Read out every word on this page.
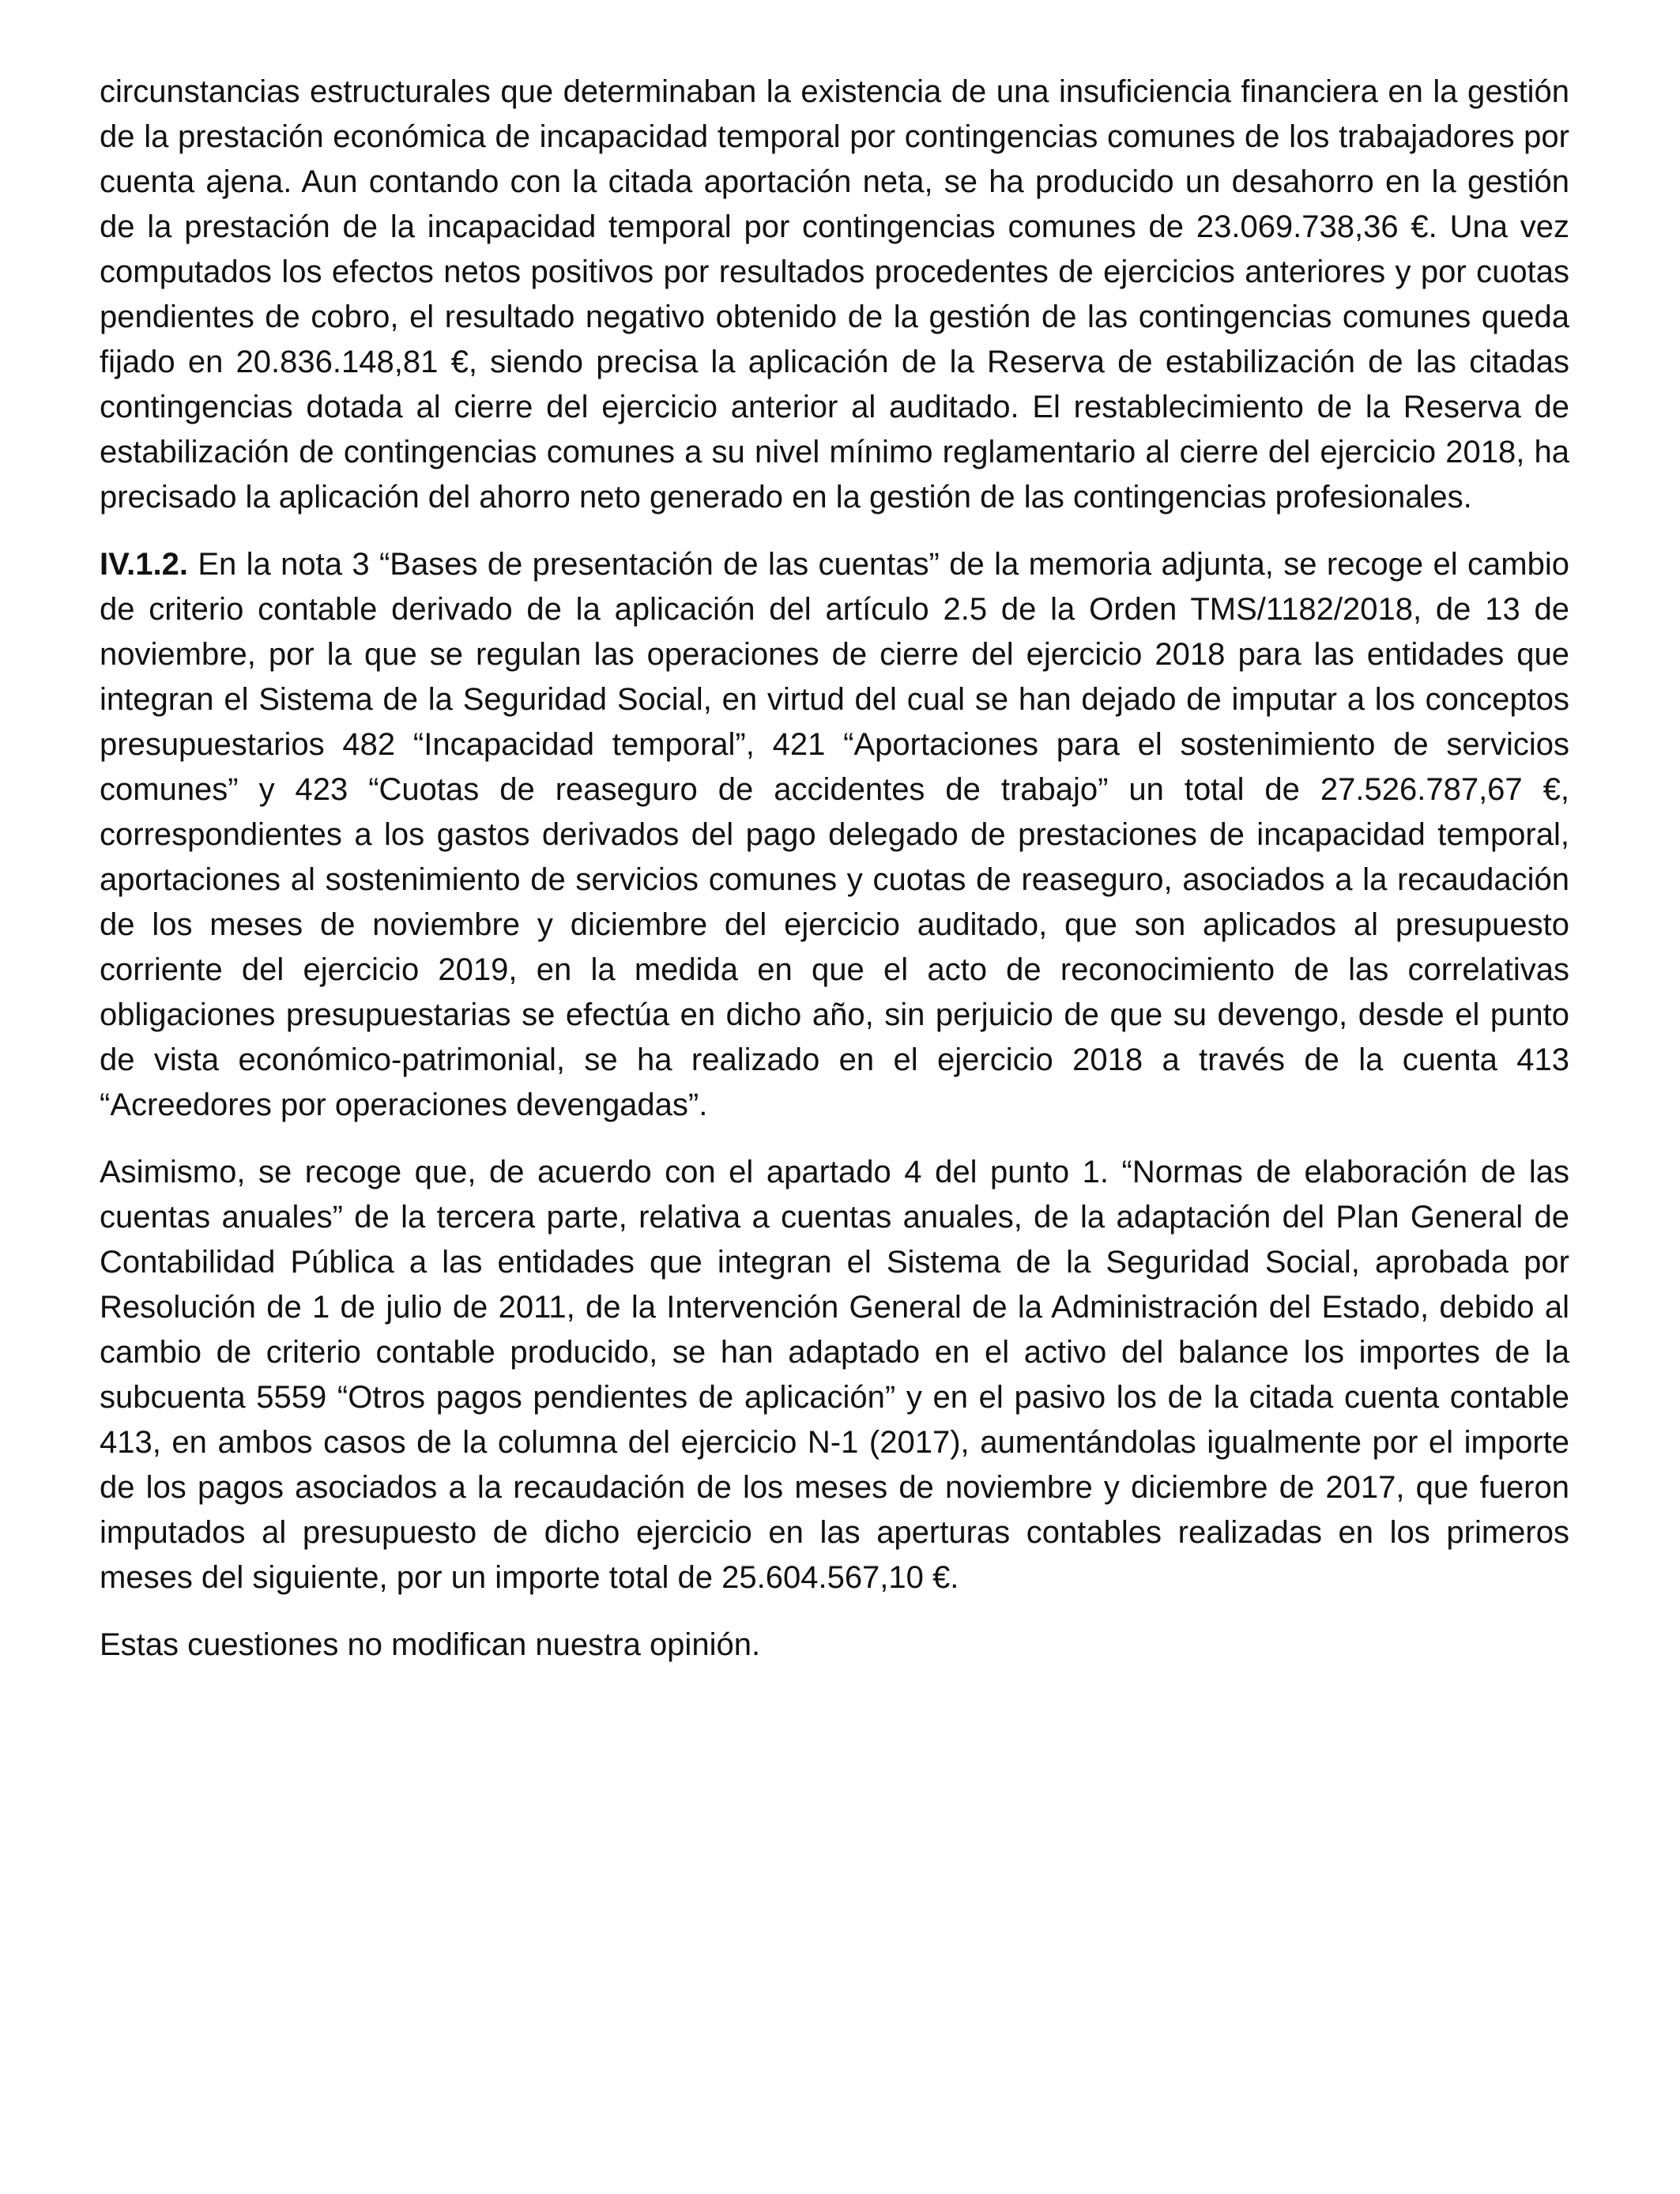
circunstancias estructurales que determinaban la existencia de una insuficiencia financiera en la gestión de la prestación económica de incapacidad temporal por contingencias comunes de los trabajadores por cuenta ajena. Aun contando con la citada aportación neta, se ha producido un desahorro en la gestión de la prestación de la incapacidad temporal por contingencias comunes de 23.069.738,36 €. Una vez computados los efectos netos positivos por resultados procedentes de ejercicios anteriores y por cuotas pendientes de cobro, el resultado negativo obtenido de la gestión de las contingencias comunes queda fijado en 20.836.148,81 €, siendo precisa la aplicación de la Reserva de estabilización de las citadas contingencias dotada al cierre del ejercicio anterior al auditado. El restablecimiento de la Reserva de estabilización de contingencias comunes a su nivel mínimo reglamentario al cierre del ejercicio 2018, ha precisado la aplicación del ahorro neto generado en la gestión de las contingencias profesionales.

IV.1.2. En la nota 3 “Bases de presentación de las cuentas” de la memoria adjunta, se recoge el cambio de criterio contable derivado de la aplicación del artículo 2.5 de la Orden TMS/1182/2018, de 13 de noviembre, por la que se regulan las operaciones de cierre del ejercicio 2018 para las entidades que integran el Sistema de la Seguridad Social, en virtud del cual se han dejado de imputar a los conceptos presupuestarios 482 “Incapacidad temporal”, 421 “Aportaciones para el sostenimiento de servicios comunes” y 423 “Cuotas de reaseguro de accidentes de trabajo” un total de 27.526.787,67 €, correspondientes a los gastos derivados del pago delegado de prestaciones de incapacidad temporal, aportaciones al sostenimiento de servicios comunes y cuotas de reaseguro, asociados a la recaudación de los meses de noviembre y diciembre del ejercicio auditado, que son aplicados al presupuesto corriente del ejercicio 2019, en la medida en que el acto de reconocimiento de las correlativas obligaciones presupuestarias se efectúa en dicho año, sin perjuicio de que su devengo, desde el punto de vista económico-patrimonial, se ha realizado en el ejercicio 2018 a través de la cuenta 413 “Acreedores por operaciones devengadas”.

Asimismo, se recoge que, de acuerdo con el apartado 4 del punto 1. “Normas de elaboración de las cuentas anuales” de la tercera parte, relativa a cuentas anuales, de la adaptación del Plan General de Contabilidad Pública a las entidades que integran el Sistema de la Seguridad Social, aprobada por Resolución de 1 de julio de 2011, de la Intervención General de la Administración del Estado, debido al cambio de criterio contable producido, se han adaptado en el activo del balance los importes de la subcuenta 5559 “Otros pagos pendientes de aplicación” y en el pasivo los de la citada cuenta contable 413, en ambos casos de la columna del ejercicio N-1 (2017), aumentándolas igualmente por el importe de los pagos asociados a la recaudación de los meses de noviembre y diciembre de 2017, que fueron imputados al presupuesto de dicho ejercicio en las aperturas contables realizadas en los primeros meses del siguiente, por un importe total de 25.604.567,10 €.

Estas cuestiones no modifican nuestra opinión.
